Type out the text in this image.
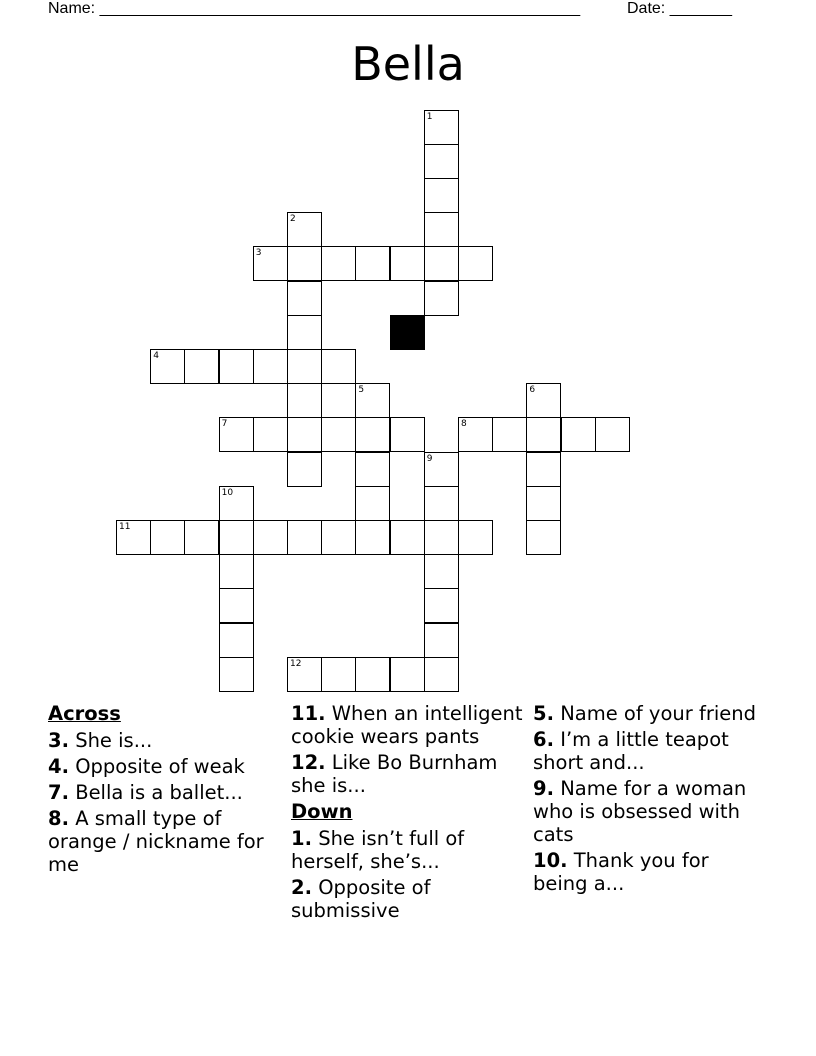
Name: ______________________________________________________	Date: _______
Bella
1
2
3
4
5	6
7	8
9
10
11
12
Across
3. She is...
4. Opposite of weak
7. Bella is a ballet...
8. A small type of orange / nickname for me
11. When an intelligent cookie wears pants
12. Like Bo Burnham she is...
Down
1. She isn’t full of herself, she’s...
2. Opposite of submissive
5. Name of your friend
6. I’m a little teapot short and...
9. Name for a woman who is obsessed with cats
10. Thank you for being a...
